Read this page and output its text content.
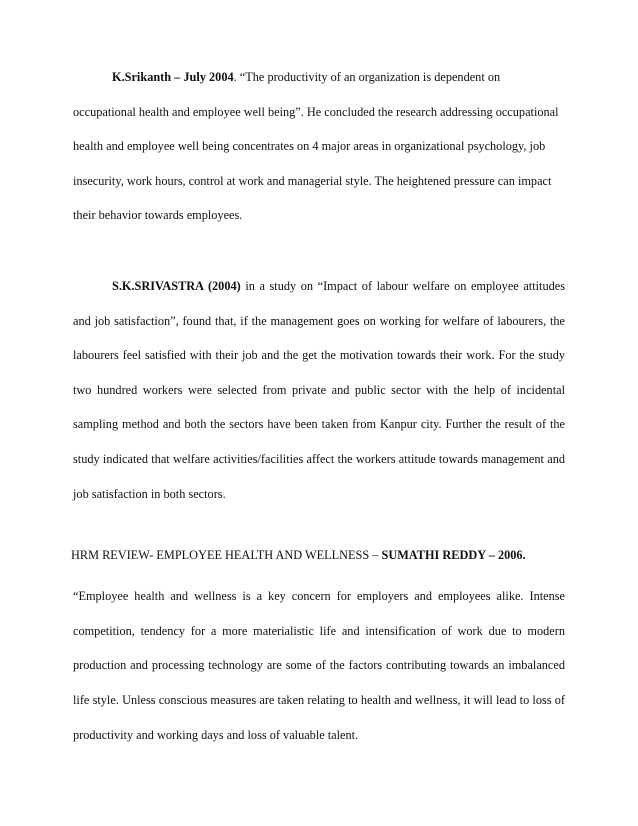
K.Srikanth – July 2004. “The productivity of an organization is dependent on occupational health and employee well being”. He concluded the research addressing occupational health and employee well being concentrates on 4 major areas in organizational psychology, job insecurity, work hours, control at work and managerial style. The heightened pressure can impact their behavior towards employees.

S.K.SRIVASTRA (2004) in a study on “Impact of labour welfare on employee attitudes and job satisfaction”, found that, if the management goes on working for welfare of labourers, the labourers feel satisfied with their job and the get the motivation towards their work. For the study two hundred workers were selected from private and public sector with the help of incidental sampling method and both the sectors have been taken from Kanpur city. Further the result of the study indicated that welfare activities/facilities affect the workers attitude towards management and job satisfaction in both sectors.

HRM REVIEW- EMPLOYEE HEALTH AND WELLNESS – SUMATHI REDDY – 2006.

“Employee health and wellness is a key concern for employers and employees alike. Intense competition, tendency for a more materialistic life and intensification of work due to modern production and processing technology are some of the factors contributing towards an imbalanced life style. Unless conscious measures are taken relating to health and wellness, it will lead to loss of productivity and working days and loss of valuable talent.
